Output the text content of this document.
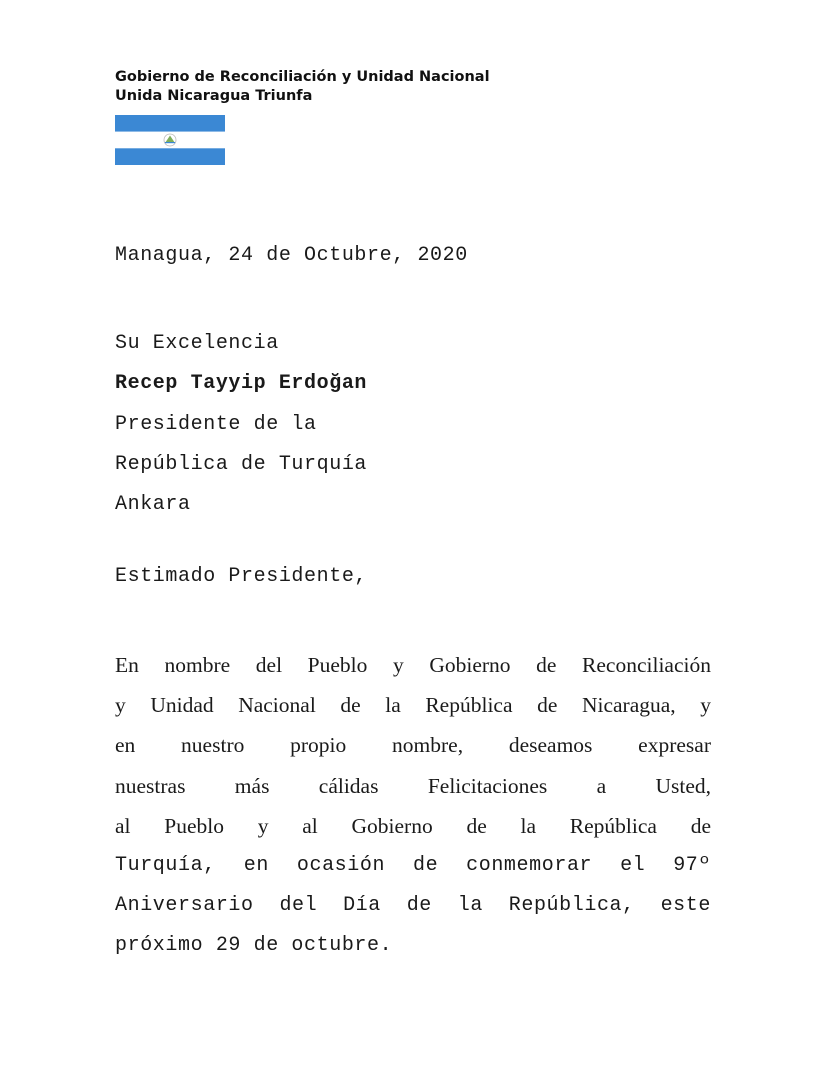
Gobierno de Reconciliación y Unidad Nacional
Unida Nicaragua Triunfa
Managua, 24 de Octubre, 2020
Su Excelencia
Recep Tayyip Erdoğan
Presidente de la
República de Turquía
Ankara
Estimado Presidente,
En nombre del Pueblo y Gobierno de Reconciliación
y Unidad Nacional de la República de Nicaragua, y
en nuestro propio nombre, deseamos expresar
nuestras más cálidas Felicitaciones a Usted,
al Pueblo y al Gobierno de la República de
Turquía, en ocasión de conmemorar el 97º
Aniversario del Día de la República, este
próximo 29 de octubre.
